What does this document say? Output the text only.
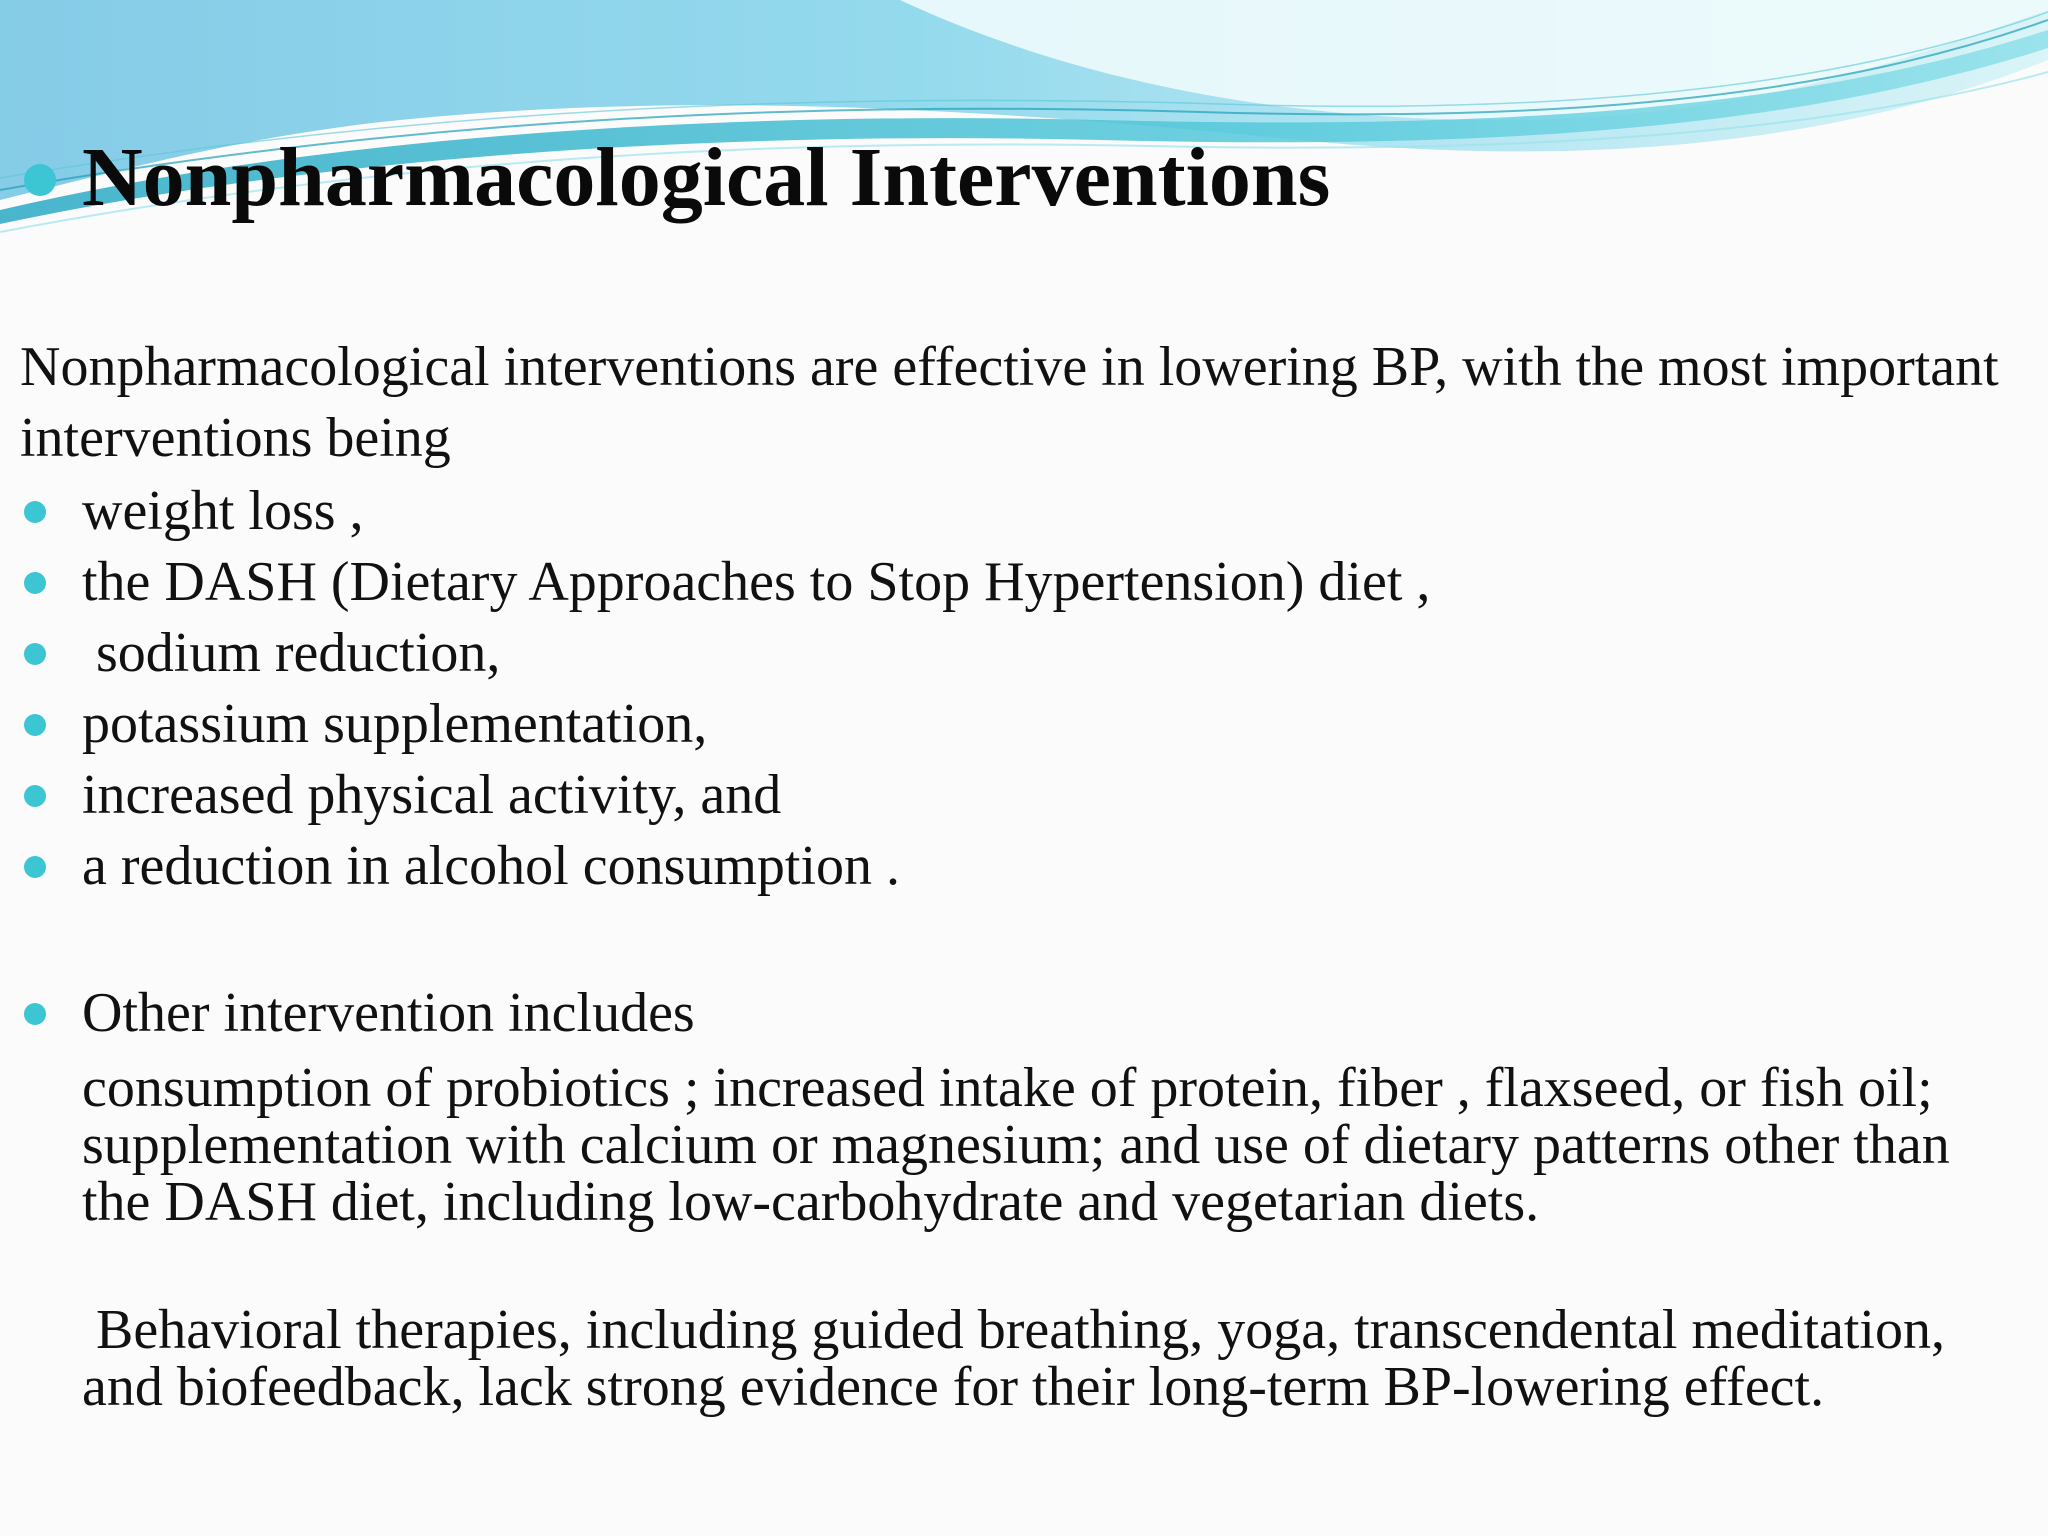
Nonpharmacological Interventions

Nonpharmacological interventions are effective in lowering BP, with the most important interventions being

weight loss ,
the DASH (Dietary Approaches to Stop Hypertension) diet ,
sodium reduction,
potassium supplementation,
increased physical activity, and
a reduction in alcohol consumption .
Other intervention includes

consumption of probiotics ; increased intake of protein, fiber , flaxseed, or fish oil; supplementation with calcium or magnesium; and use of dietary patterns other than the DASH diet, including low-carbohydrate and vegetarian diets.

Behavioral therapies, including guided breathing, yoga, transcendental meditation, and biofeedback, lack strong evidence for their long-term BP-lowering effect.
